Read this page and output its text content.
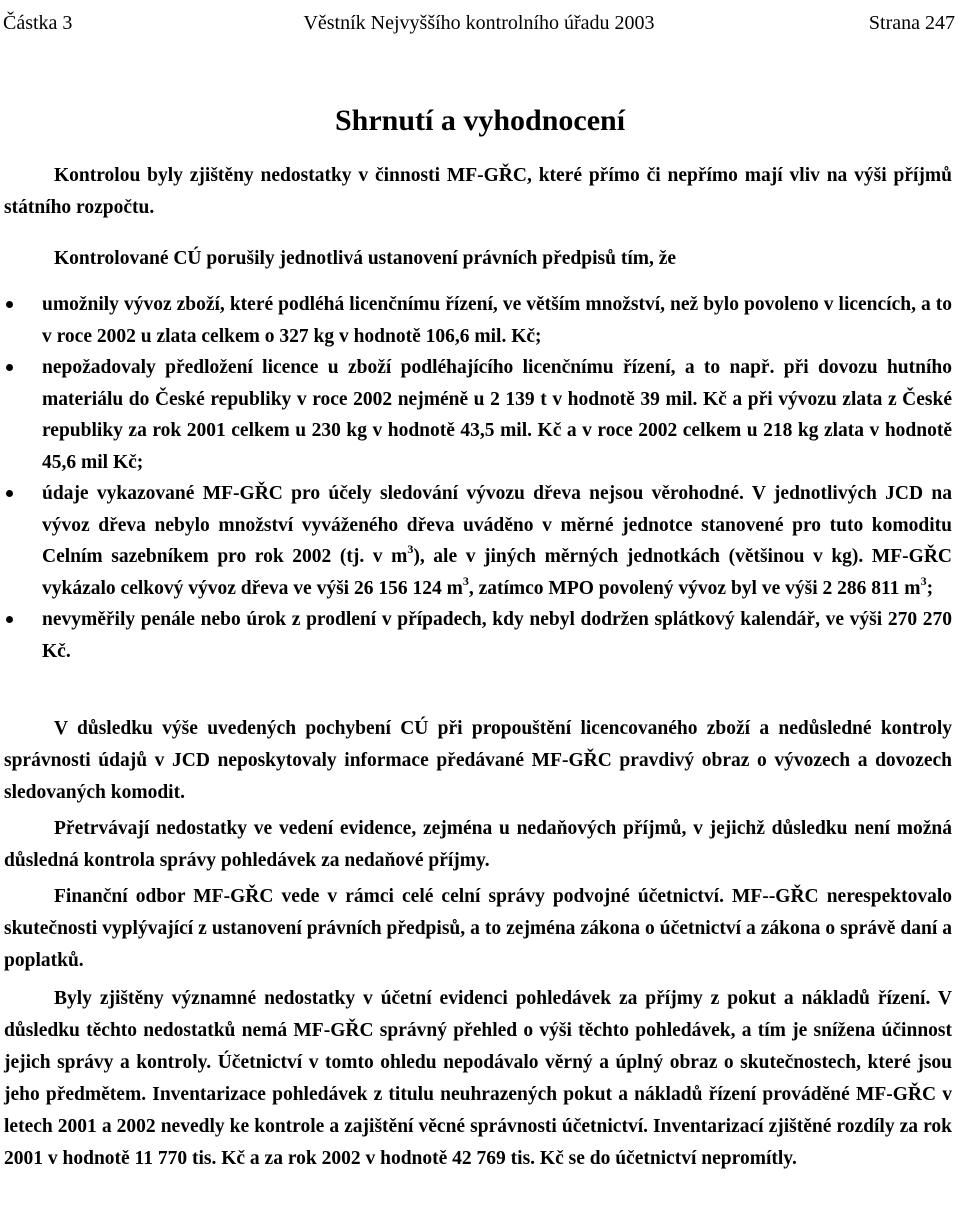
Částka 3	Věstník Nejvyššího kontrolního úřadu 2003	Strana 247
Shrnutí a vyhodnocení
Kontrolou byly zjištěny nedostatky v činnosti MF-GŘC, které přímo či nepřímo mají vliv na výši příjmů státního rozpočtu.
Kontrolované CÚ porušily jednotlivá ustanovení právních předpisů tím, že
umožnily vývoz zboží, které podléhá licenčnímu řízení, ve větším množství, než bylo povoleno v licencích, a to v roce 2002 u zlata celkem o 327 kg v hodnotě 106,6 mil. Kč;
nepožadovaly předložení licence u zboží podléhajícího licenčnímu řízení, a to např. při dovozu hutního materiálu do České republiky v roce 2002 nejméně u 2 139 t v hodnotě 39 mil. Kč a při vývozu zlata z České republiky za rok 2001 celkem u 230 kg v hodnotě 43,5 mil. Kč a v roce 2002 celkem u 218 kg zlata v hodnotě 45,6 mil Kč;
údaje vykazované MF-GŘC pro účely sledování vývozu dřeva nejsou věrohodné. V jednotlivých JCD na vývoz dřeva nebylo množství vyváženého dřeva uváděno v měrné jednotce stanovené pro tuto komoditu Celním sazebníkem pro rok 2002 (tj. v $m^3$), ale v jiných měrných jednotkách (většinou v kg). MF-GŘC vykázalo celkový vývoz dřeva ve výši 26 156 124 $m^3$, zatímco MPO povolený vývoz byl ve výši 2 286 811 $m^3$;
nevyměřily penále nebo úrok z prodlení v případech, kdy nebyl dodržen splátkový kalendář, ve výši 270 270 Kč.
V důsledku výše uvedených pochybení CÚ při propouštění licencovaného zboží a nedůsledné kontroly správnosti údajů v JCD neposkytovaly informace předávané MF-GŘC pravdivý obraz o vývozech a dovozech sledovaných komodit.
Přetrvávají nedostatky ve vedení evidence, zejména u nedaňových příjmů, v jejichž důsledku není možná důsledná kontrola správy pohledávek za nedaňové příjmy.
Finanční odbor MF-GŘC vede v rámci celé celní správy podvojné účetnictví. MF--GŘC nerespektovalo skutečnosti vyplývající z ustanovení právních předpisů, a to zejména zákona o účetnictví a zákona o správě daní a poplatků.
Byly zjištěny významné nedostatky v účetní evidenci pohledávek za příjmy z pokut a nákladů řízení. V důsledku těchto nedostatků nemá MF-GŘC správný přehled o výši těchto pohledávek, a tím je snížena účinnost jejich správy a kontroly. Účetnictví v tomto ohledu nepodávalo věrný a úplný obraz o skutečnostech, které jsou jeho předmětem. Inventarizace pohledávek z titulu neuhrazených pokut a nákladů řízení prováděné MF-GŘC v letech 2001 a 2002 nevedly ke kontrole a zajištění věcné správnosti účetnictví. Inventarizací zjištěné rozdíly za rok 2001 v hodnotě 11 770 tis. Kč a za rok 2002 v hodnotě 42 769 tis. Kč se do účetnictví nepromítly.
